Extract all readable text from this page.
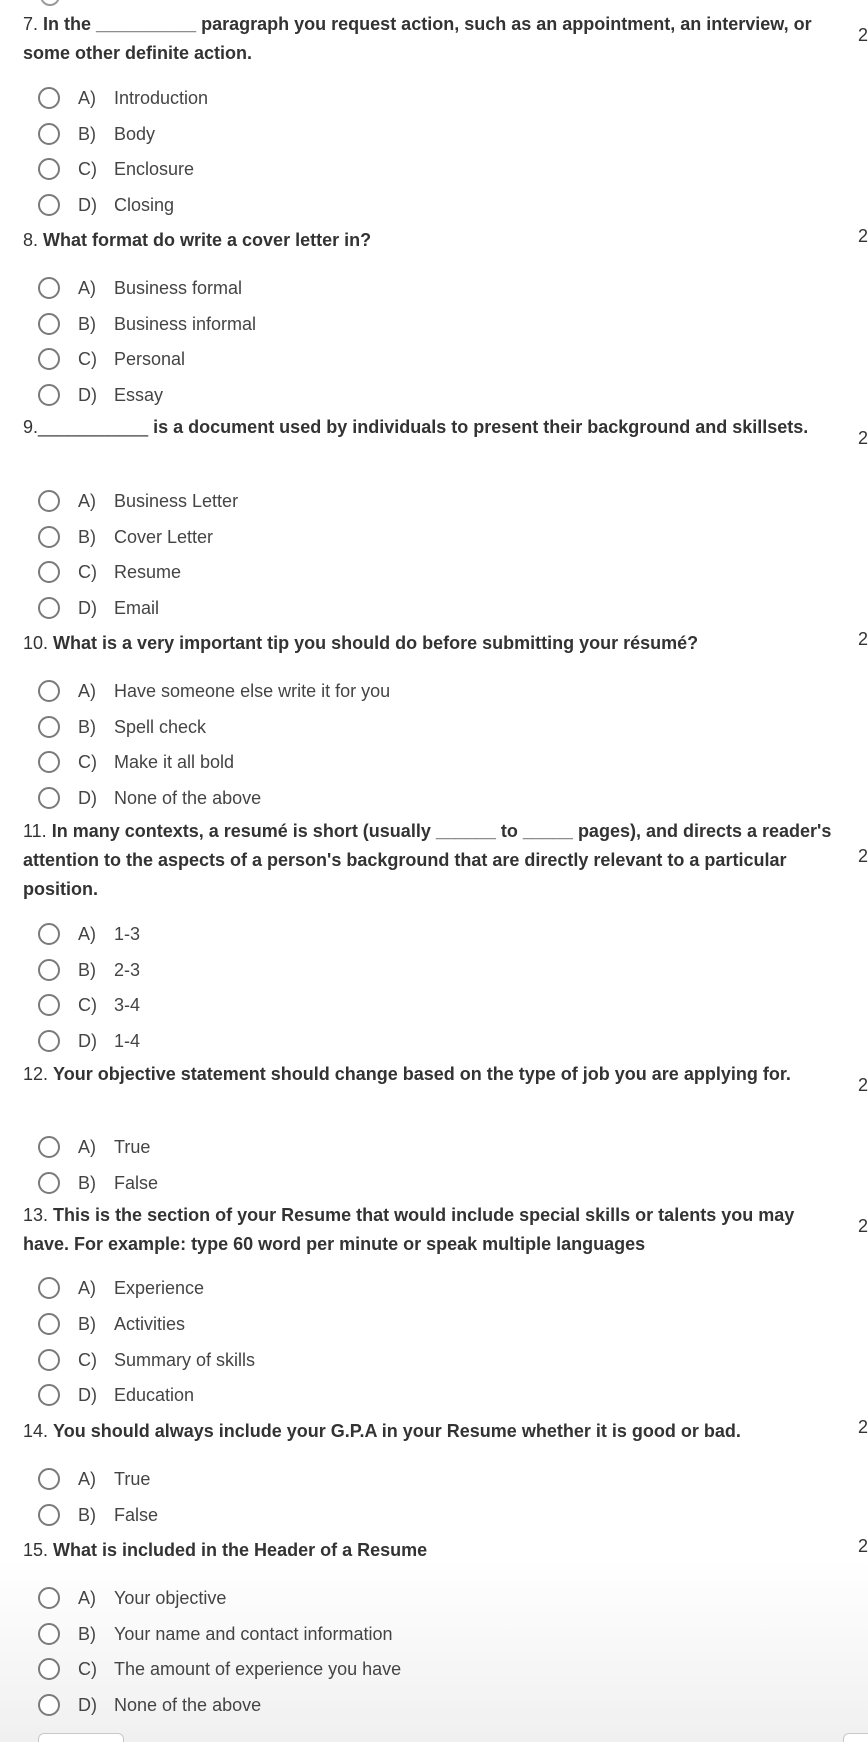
7. In the __________ paragraph you request action, such as an appointment, an interview, or some other definite action.

2
A)	Introduction
B)	Body
C) Enclosure
D) Closing

8. What format do write a cover letter in?	2
A)	Business formal
B)	Business informal
C) Personal
D) Essay

9.___________ is a document used by individuals to present their background and skillsets.

2
A)	Business Letter
B)	Cover Letter
C) Resume
D) Email

10. What is a very important tip you should do before submitting your résumé?	2
A)	Have someone else write it for you
B)	Spell check
C) Make it all bold
D) None of the above

11. In many contexts, a resumé is short (usually ______ to _____ pages), and directs a reader's attention to the aspects of a person's background that are directly relevant to a particular position.

2
A)	1-3
B)	2-3
C) 3-4
D) 1-4

12. Your objective statement should change based on the type of job you are applying for.

2
A)	True
B)	False

13. This is the section of your Resume that would include special skills or talents you may have. For example: type 60 word per minute or speak multiple languages

2
A)	Experience
B)	Activities
C) Summary of skills
D) Education

14. You should always include your G.P.A in your Resume whether it is good or bad.	2
A)	True
B)	False

15. What is included in the Header of a Resume	2
A)	Your objective
B)	Your name and contact information
C) The amount of experience you have
D) None of the above
